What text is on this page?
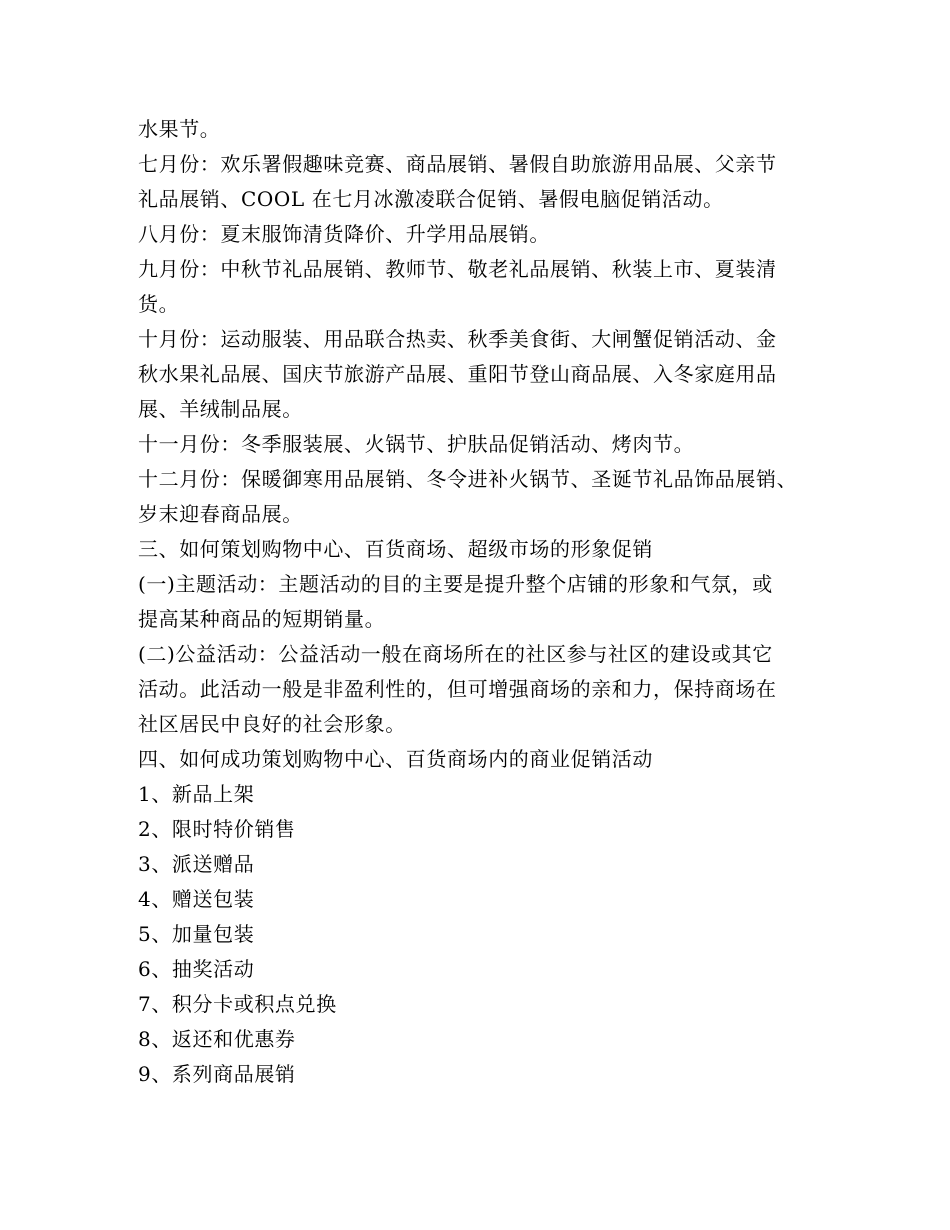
水果节。
七月份：欢乐署假趣味竞赛、商品展销、暑假自助旅游用品展、父亲节
礼品展销、COOL 在七月冰激凌联合促销、暑假电脑促销活动。
八月份：夏末服饰清货降价、升学用品展销。
九月份：中秋节礼品展销、教师节、敬老礼品展销、秋装上市、夏装清
货。
十月份：运动服装、用品联合热卖、秋季美食街、大闸蟹促销活动、金
秋水果礼品展、国庆节旅游产品展、重阳节登山商品展、入冬家庭用品
展、羊绒制品展。
十一月份：冬季服装展、火锅节、护肤品促销活动、烤肉节。
十二月份：保暖御寒用品展销、冬令进补火锅节、圣诞节礼品饰品展销、
岁末迎春商品展。
三、如何策划购物中心、百货商场、超级市场的形象促销
(一)主题活动：主题活动的目的主要是提升整个店铺的形象和气氛，或
提高某种商品的短期销量。
(二)公益活动：公益活动一般在商场所在的社区参与社区的建设或其它
活动。此活动一般是非盈利性的，但可增强商场的亲和力，保持商场在
社区居民中良好的社会形象。
四、如何成功策划购物中心、百货商场内的商业促销活动
1、新品上架
2、限时特价销售
3、派送赠品
4、赠送包装
5、加量包装
6、抽奖活动
7、积分卡或积点兑换
8、返还和优惠券
9、系列商品展销
